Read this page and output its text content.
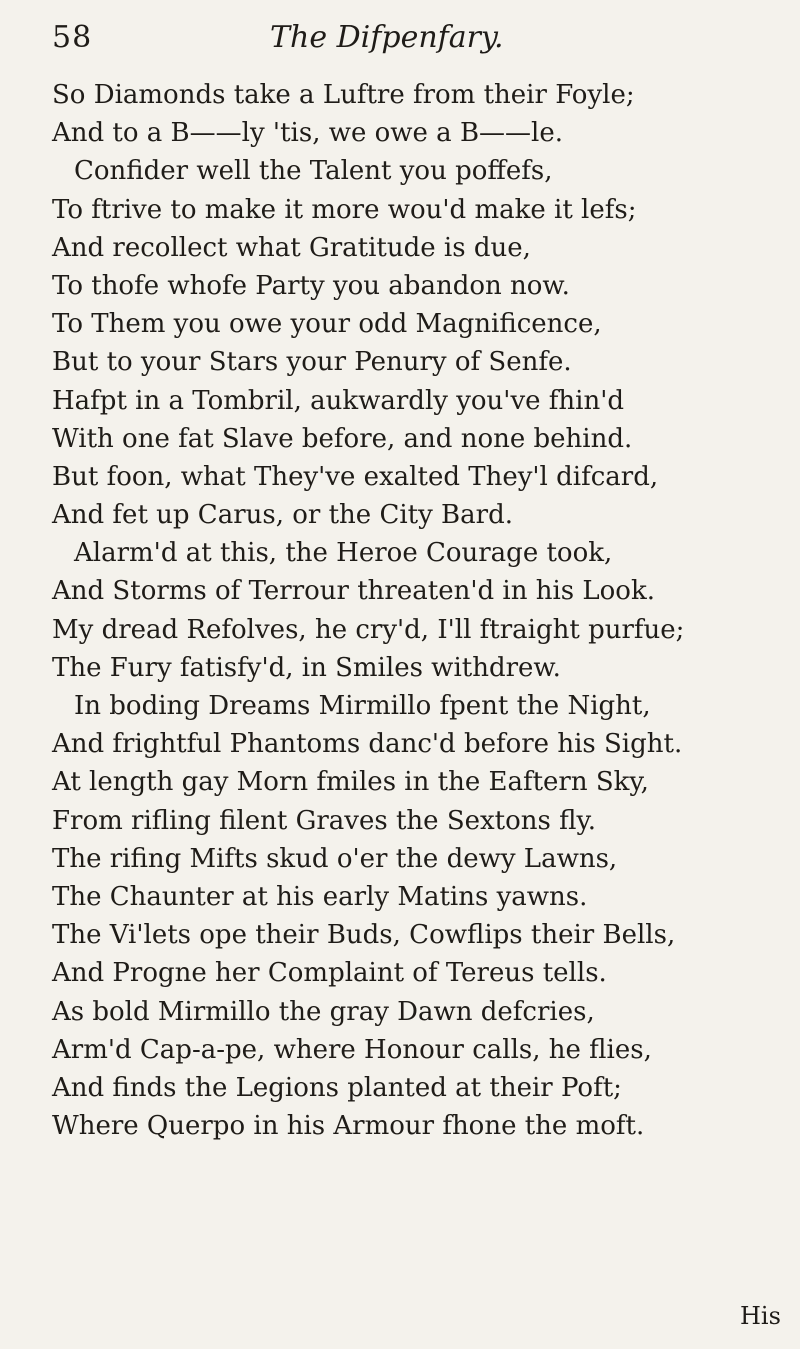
58	The Difpenfary.
So Diamonds take a Luftre from their Foyle;
And to a B——ly 'tis, we owe a B——le.
Confider well the Talent you poffefs,
To ftrive to make it more wou'd make it lefs;
And recollect what Gratitude is due,
To thofe whofe Party you abandon now.
To Them you owe your odd Magnificence,
But to your Stars your Penury of Senfe.
Hafpt in a Tombril, aukwardly you've fhin'd
With one fat Slave before, and none behind.
But foon, what They've exalted They'l difcard,
And fet up Carus, or the City Bard.
Alarm'd at this, the Heroe Courage took,
And Storms of Terrour threaten'd in his Look.
My dread Refolves, he cry'd, I'll ftraight purfue;
The Fury fatisfy'd, in Smiles withdrew.
In boding Dreams Mirmillo fpent the Night,
And frightful Phantoms danc'd before his Sight.
At length gay Morn fmiles in the Eaftern Sky,
From rifling filent Graves the Sextons fly.
The rifing Mifts skud o'er the dewy Lawns,
The Chaunter at his early Matins yawns.
The Vi'lets ope their Buds, Cowflips their Bells,
And Progne her Complaint of Tereus tells.
As bold Mirmillo the gray Dawn defcries,
Arm'd Cap-a-pe, where Honour calls, he flies,
And finds the Legions planted at their Poft;
Where Querpo in his Armour fhone the moft.
His
